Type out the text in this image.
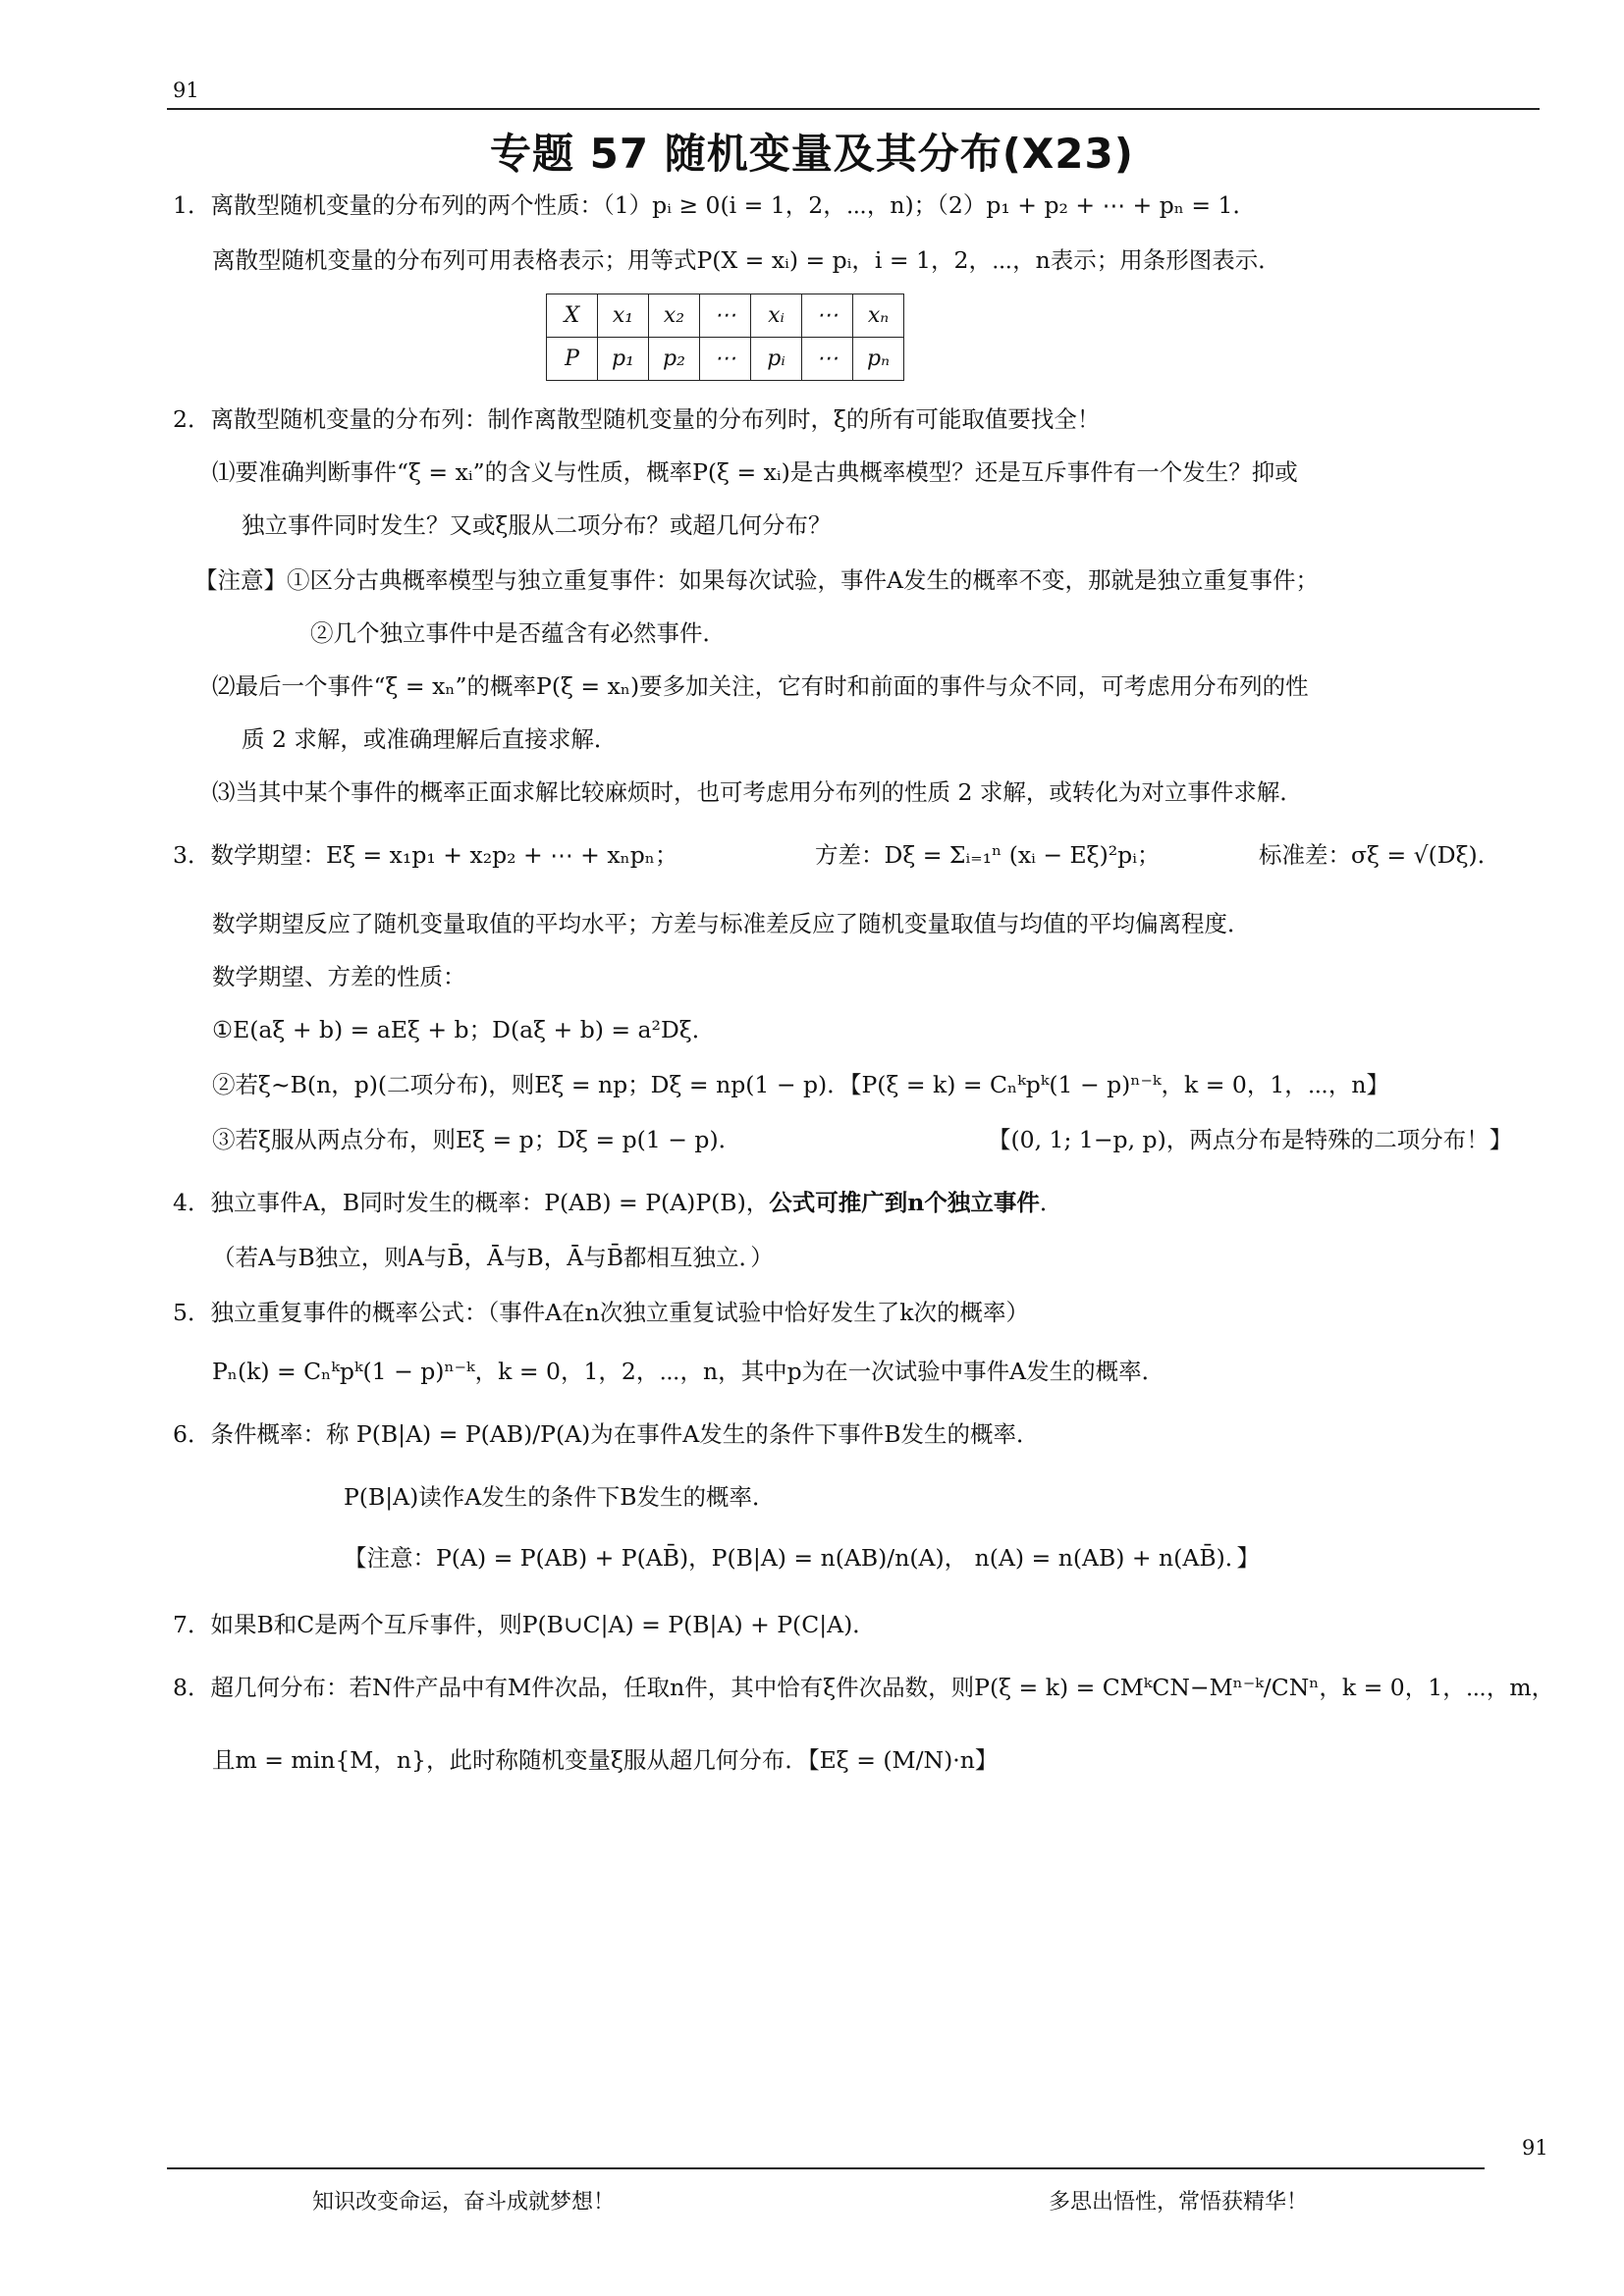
91
专题 57 随机变量及其分布(X23)
1．离散型随机变量的分布列的两个性质：（1）pᵢ ≥ 0(i = 1，2，⋯，n)；（2）p₁ + p₂ + ⋯ + pₙ = 1．
离散型随机变量的分布列可用表格表示；用等式P(X = xᵢ) = pᵢ，i = 1，2，⋯，n表示；用条形图表示．
X	x₁	x₂	⋯	xᵢ	⋯	xₙ
P	p₁	p₂	⋯	pᵢ	⋯	pₙ
2．离散型随机变量的分布列：制作离散型随机变量的分布列时，ξ的所有可能取值要找全！
⑴要准确判断事件“ξ = xᵢ”的含义与性质，概率P(ξ = xᵢ)是古典概率模型？还是互斥事件有一个发生？抑或
独立事件同时发生？又或ξ服从二项分布？或超几何分布？
【注意】①区分古典概率模型与独立重复事件：如果每次试验，事件A发生的概率不变，那就是独立重复事件；
②几个独立事件中是否蕴含有必然事件．
⑵最后一个事件“ξ = xₙ”的概率P(ξ = xₙ)要多加关注，它有时和前面的事件与众不同，可考虑用分布列的性
质 2 求解，或准确理解后直接求解．
⑶当其中某个事件的概率正面求解比较麻烦时，也可考虑用分布列的性质 2 求解，或转化为对立事件求解．
3．数学期望：Eξ = x₁p₁ + x₂p₂ + ⋯ + xₙpₙ；	方差：Dξ = Σᵢ₌₁ⁿ (xᵢ − Eξ)²pᵢ；	标准差：σξ = √(Dξ)．
数学期望反应了随机变量取值的平均水平；方差与标准差反应了随机变量取值与均值的平均偏离程度．
数学期望、方差的性质：
①E(aξ + b) = aEξ + b；D(aξ + b) = a²Dξ．
②若ξ~B(n，p)(二项分布)，则Eξ = np；Dξ = np(1 − p)．【P(ξ = k) = Cₙᵏpᵏ(1 − p)ⁿ⁻ᵏ，k = 0，1，⋯，n】
③若ξ服从两点分布，则Eξ = p；Dξ = p(1 − p)．	【(0, 1; 1−p, p)，两点分布是特殊的二项分布！】
4．独立事件A，B同时发生的概率：P(AB) = P(A)P(B)，公式可推广到n个独立事件．
（若A与B独立，则A与B̄，Ā与B，Ā与B̄都相互独立．）
5．独立重复事件的概率公式：（事件A在n次独立重复试验中恰好发生了k次的概率）
Pₙ(k) = Cₙᵏpᵏ(1 − p)ⁿ⁻ᵏ，k = 0，1，2，⋯，n，其中p为在一次试验中事件A发生的概率．
6．条件概率：称 P(B|A) = P(AB)/P(A)为在事件A发生的条件下事件B发生的概率．
P(B|A)读作A发生的条件下B发生的概率．
【注意：P(A) = P(AB) + P(AB̄)，P(B|A) = n(AB)/n(A)， n(A) = n(AB) + n(AB̄)．】
7．如果B和C是两个互斥事件，则P(B∪C|A) = P(B|A) + P(C|A)．
8．超几何分布：若N件产品中有M件次品，任取n件，其中恰有ξ件次品数，则P(ξ = k) = CMᵏCN−Mⁿ⁻ᵏ/CNⁿ，k = 0，1，⋯，m，
且m = min{M，n}，此时称随机变量ξ服从超几何分布．【Eξ = (M/N)·n】
91
知识改变命运，奋斗成就梦想！	多思出悟性，常悟获精华！
